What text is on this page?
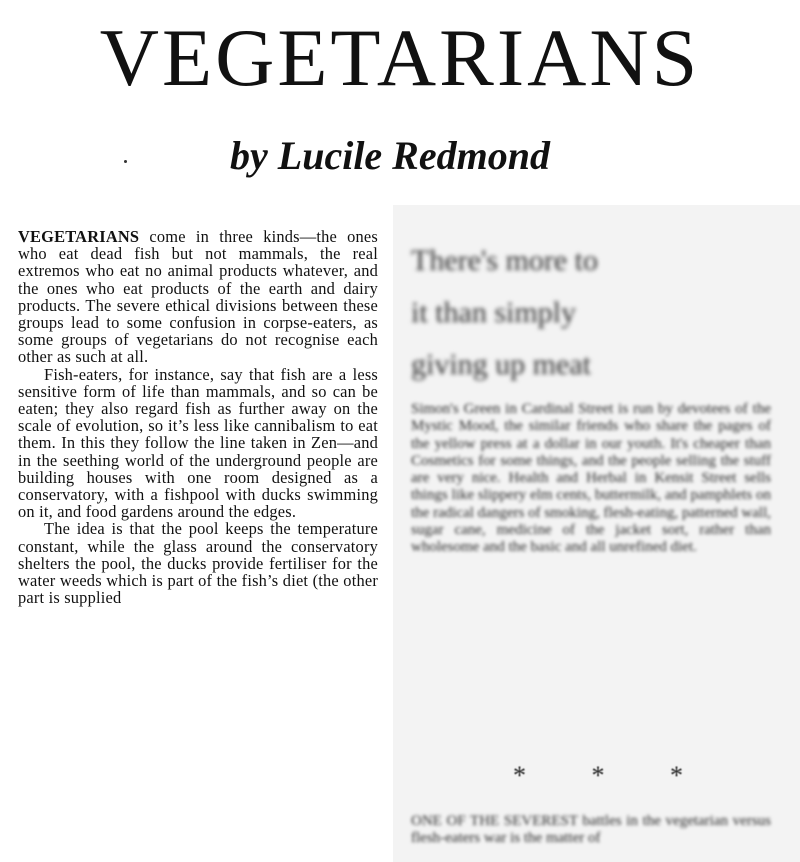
VEGETARIANS
by Lucile Redmond

VEGETARIANS come in three kinds—the ones who eat dead fish but not mammals, the real extremos who eat no animal products whatever, and the ones who eat products of the earth and dairy products. The severe ethical divisions between these groups lead to some confusion in corpse-eaters, as some groups of vegetarians do not recognise each other as such at all.

Fish-eaters, for instance, say that fish are a less sensitive form of life than mammals, and so can be eaten; they also regard fish as further away on the scale of evolution, so it’s less like cannibalism to eat them. In this they follow the line taken in Zen—and in the seething world of the underground people are building houses with one room designed as a conservatory, with a fishpool with ducks swimming on it, and food gardens around the edges.

The idea is that the pool keeps the temperature constant, while the glass around the conservatory shelters the pool, the ducks provide fertiliser for the water weeds which is part of the fish’s diet (the other part is supplied

There's more to
it than simply
giving up meat
Simon's Green in Cardinal Street is run by devotees of the Mystic Mood, the similar friends who share the pages of the yellow press at a dollar in our youth. It's cheaper than Cosmetics for some things, and the people selling the stuff are very nice. Health and Herbal in Kensit Street sells things like slippery elm cents, buttermilk, and pamphlets on the radical dangers of smoking, flesh-eating, patterned wall, sugar cane, medicine of the jacket sort, rather than wholesome and the basic and all unrefined diet.
*	*	*
ONE OF THE SEVEREST battles in the vegetarian versus flesh-eaters war is the matter of
